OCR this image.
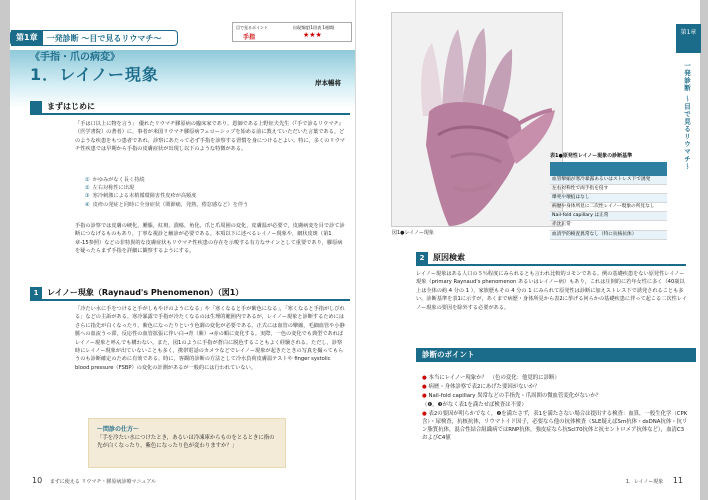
第1章	一発診断 〜目で見るリウマチ〜
目で見るポイント	出現頻度(1回表 1週間)
手指	★★★
《手指・爪の病変》
1．レイノー現象	岸本暢将
まずはじめに
「手は口以上に物を言う」 優れたリウマチ膠原病の臨床家であり，恩師である上野征夫先生（『手で診るリウマチ』（医学書院）の著者）に，事者が米国リウマチ膠原病フェローシップを始める前に教えていただいた言葉である。どのような疾患をもつ患者であれ，診察にあたって必ず手指を診察する習慣を身につけるとよい。特に，多くのリウマチ性疾患では早期から手指の皮膚症状が出現し以下のような特徴がある。
① かゆみがなく長く持続
② 左右対称性に出現
③ 寒冷刺激による末梢循環障害性皮疹が高頻度
④ 皮疹の発症と同時に全身症状（関節痛，発熱，倦怠感など）を伴う
手指の診察では皮膚の硬化，腫脹，紅斑，潰瘍，角化，爪と爪周囲の変化，皮膚温が必要で，皮膚病変を目で診て診断につなげるものもあり，丁寧な視診と触診が必要である。本項以下に述べるレイノー現象や，網状皮斑（第1章-15参照）などの非特異的な皮膚症状もリウマチ性疾患の存在を示唆する有力なサインとして重要であり，膠原病を疑ったらまず手指を詳細に観察するようにする。
1	レイノー現象（Raynaud's Phenomenon）（図1）
「冷たい水に手をつけると手がしもやけのようになる」や「寒くなると手が紫色になる」，「寒くなると手指がしびれる」などの主訴がある。寒冷暴露で手指が冷たくなるのは生理的範囲内であるが，レイノー現象と診断するためにはさらに指先が白くなったり，紫色になったりという色調の変化が必要である。正式には血管の攣縮，毛細血管や小静脈への血流うっ滞，反応性の血管拡張に伴い白→青（紫）→赤の順に変化する。実際，一色の変化でも典型であればレイノー現象と呼んでも構わない。また，図1のように手指が蒼白に脱色することもよく経験される。ただし，診察時にレイノー現象が出ていないことも多く，携帯電話のカメラなどでレイノー現象が起きたときの写真を撮ってもらうのも診断確定のために有効である。時に，客観的診断の方法として冷水負荷皮膚温テストや finger systolic blood pressure（FSBP）の変化の計測があるが一般的には行われていない。
〜問診の仕方〜
「手を冷たい水につけたとき，あるいは冷凍庫からものをとるときに指の先が白くなったり，紫色になったり色が変わりますか？」
10 まずに使える リウマチ・膠原病診療マニュアル
図1●レイノー現象
表1●原発性レイノー現象の診断基準
血管攣縮が寒冷暴露あるいはストレス下で誘発
左右対称性で両手指を侵す
爆死や壊疽はなし
病歴や身体所見に二次性レイノー現象の所見なし
Nail-fold capillary は正常
赤沈正常
血清学的検査異常なし（特に抗核抗体）
2	原因検索
レイノー現象はある人口の５％程度にみられるとも言われ比較的コモンである。例の基礎疾患をない原発性レイノー現象（primary Raynaud's phenomenon あるいはレイノー病）もあり，これは圧倒的に若年女性に多く（40歳以上は全体の約 4 分の 1 ），家族歴もその 4 分の 1 にみられて原発性は診断に加えストレス下で誘発されることも多い。診断基準を表1に示すが，あくまで病歴・身体所見から表2に挙げる何らかの基礎疾患に伴って起こる二次性レイノー現象の要因を除外する必要がある。
診断のポイント
● 本当にレイノー現象か？　（色の変化：他覚的に診断）
● 病歴・身体診察で表2にあげた要因がないか？
● Nail-fold capillary 異常などの手指先・爪周囲の微血管変化がないか？
（❶，❸がなく表1を満たせば検査は不要）
● 表2の要因が明らかでなく，❷を満たさず，表1を満たさない場合は提出する検査：血算，一般生化学（CPK含）・尿検査，抗核抗体，リウマトイド因子，必要なら他の抗体検査（SLE疑えばSm抗体・dsDNA抗体・抗リン脂質抗体，混合性結合組織病ではRNP抗体，強皮症なら抗Scl70抗体と抗セントロメア抗体など），血清C3およびC4値
第1章
一発診断 〜目で見るリウマチ〜
1．レイノー現象 11
